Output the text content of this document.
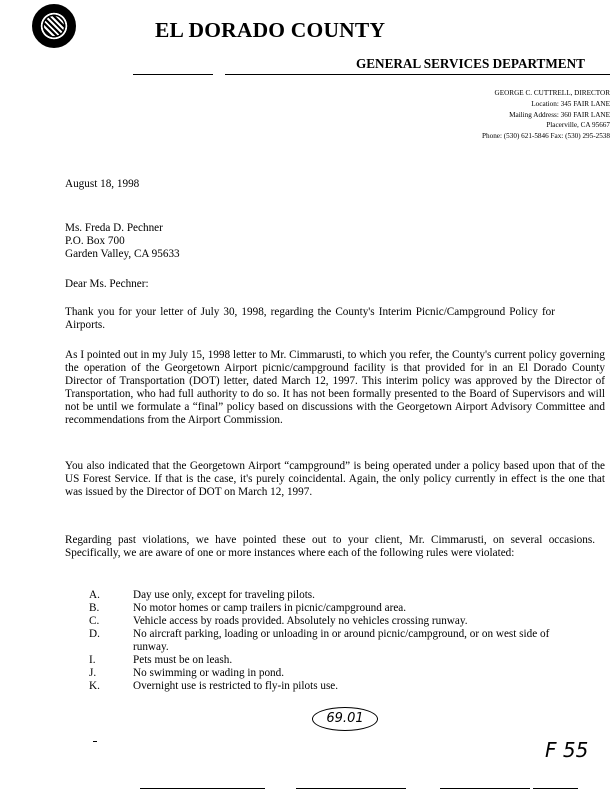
EL DORADO COUNTY
GENERAL SERVICES DEPARTMENT
GEORGE C. CUTTRELL, DIRECTOR
Location: 345 FAIR LANE
Mailing Address: 360 FAIR LANE
Placerville, CA 95667
Phone: (530) 621-5846 Fax: (530) 295-2538
August 18, 1998
Ms. Freda D. Pechner
P.O. Box 700
Garden Valley, CA 95633
Dear Ms. Pechner:
Thank you for your letter of July 30, 1998, regarding the County's Interim Picnic/Campground Policy for Airports.
As I pointed out in my July 15, 1998 letter to Mr. Cimmarusti, to which you refer, the County's current policy governing the operation of the Georgetown Airport picnic/campground facility is that provided for in an El Dorado County Director of Transportation (DOT) letter, dated March 12, 1997. This interim policy was approved by the Director of Transportation, who had full authority to do so. It has not been formally presented to the Board of Supervisors and will not be until we formulate a “final” policy based on discussions with the Georgetown Airport Advisory Committee and recommendations from the Airport Commission.
You also indicated that the Georgetown Airport “campground” is being operated under a policy based upon that of the US Forest Service. If that is the case, it's purely coincidental. Again, the only policy currently in effect is the one that was issued by the Director of DOT on March 12, 1997.
Regarding past violations, we have pointed these out to your client, Mr. Cimmarusti, on several occasions. Specifically, we are aware of one or more instances where each of the following rules were violated:
A.	Day use only, except for traveling pilots.
B.	No motor homes or camp trailers in picnic/campground area.
C.	Vehicle access by roads provided. Absolutely no vehicles crossing runway.
D.	No aircraft parking, loading or unloading in or around picnic/campground, or on west side of runway.
I.	Pets must be on leash.
J.	No swimming or wading in pond.
K.	Overnight use is restricted to fly-in pilots use.
69.01
F 55
